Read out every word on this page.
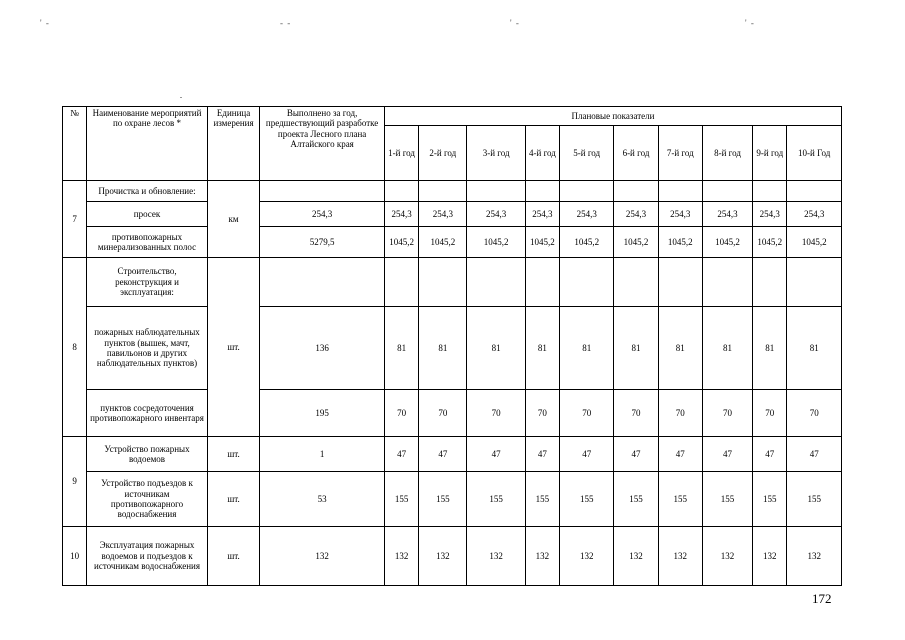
' -	- -	' -	' -
№	Наименование мероприятий по охране лесов *	Единица измерения	Выполнено за год, предшествующий разработке проекта Лесного плана Алтайского края	Плановые показатели									
				1-й год	2-й год	3-й год	4-й год	5-й год	6-й год	7-й год	8-й год	9-й год	10-й Год
7	Прочистка и обновление:	км											
	просек		254,3	254,3	254,3	254,3	254,3	254,3	254,3	254,3	254,3	254,3	254,3
	противопожарных минерализованных полос		5279,5	1045,2	1045,2	1045,2	1045,2	1045,2	1045,2	1045,2	1045,2	1045,2	1045,2
8	Строительство, реконструкция и эксплуатация:	шт.											
	пожарных наблюдательных пунктов (вышек, мачт, павильонов и других наблюдательных пунктов)		136	81	81	81	81	81	81	81	81	81	81
	пунктов сосредоточения противопожарного инвентаря		195	70	70	70	70	70	70	70	70	70	70
9	Устройство пожарных водоемов	шт.	1	47	47	47	47	47	47	47	47	47	47
	Устройство подъездов к источникам противопожарного водоснабжения	шт.	53	155	155	155	155	155	155	155	155	155	155
10	Эксплуатация пожарных водоемов и подъездов к источникам водоснабжения	шт.	132	132	132	132	132	132	132	132	132	132	132
172
